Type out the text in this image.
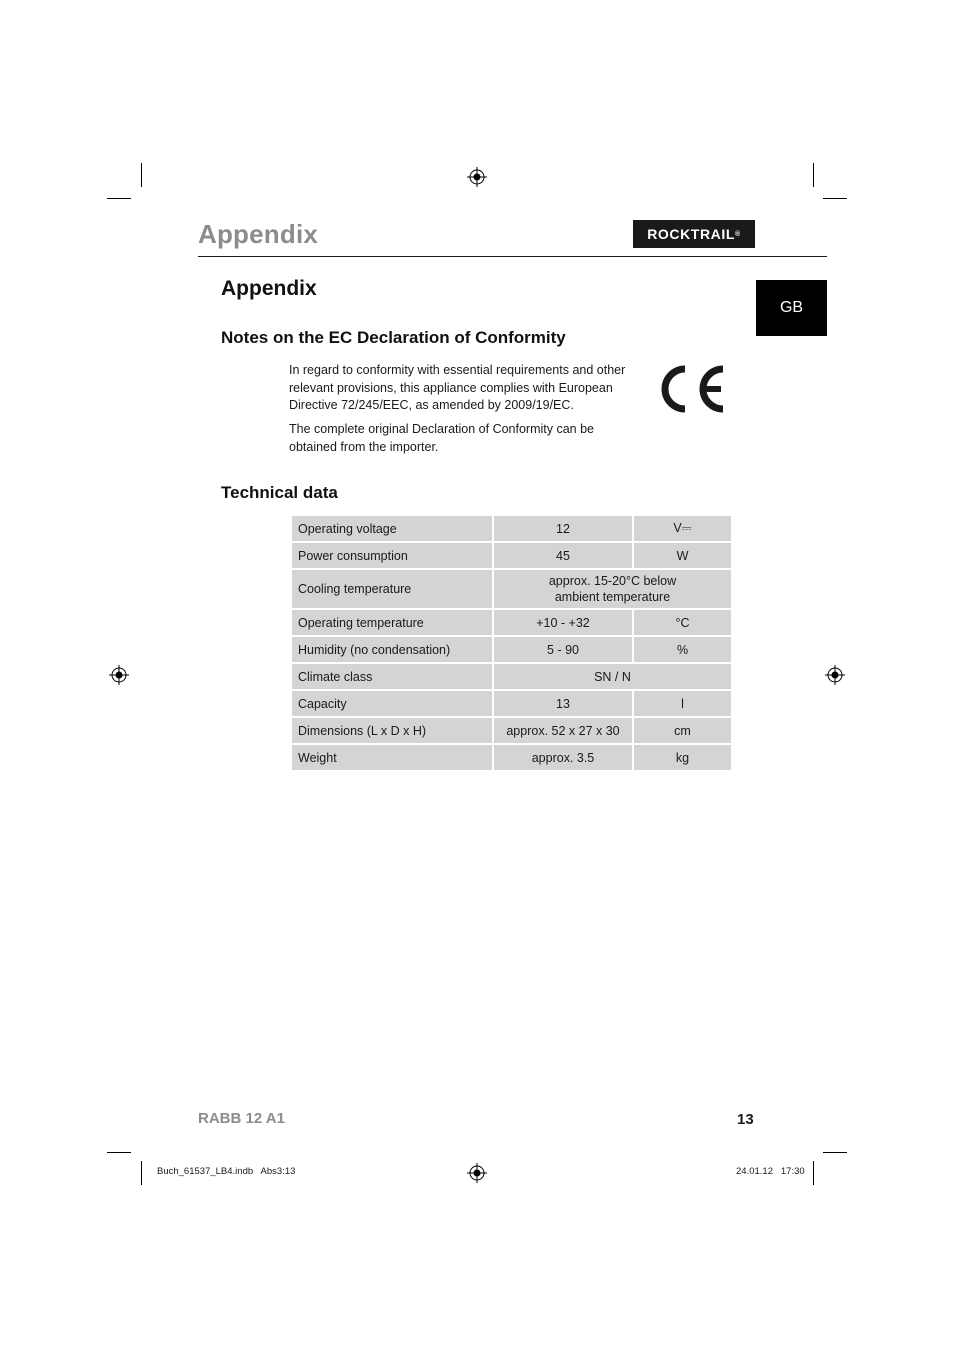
Appendix	ROCKTRAIL ®
GB
Appendix
Notes on the EC Declaration of Conformity
In regard to conformity with essential requirements and other relevant provisions, this appliance complies with European Directive 72/245/EEC, as amended by 2009/19/EC.
The complete original Declaration of Conformity can be obtained from the importer.
Technical data
Operating voltage	12	V⎓
Power consumption	45	W
Cooling temperature	approx. 15-20°C below
ambient temperature	

Operating temperature	+10 - +32	°C
Humidity (no condensation)	5 - 90	%
Climate class	SN / N	
Capacity	13	l
Dimensions (L x D x H)	approx. 52 x 27 x 30	cm
Weight	approx. 3.5	kg
RABB 12 A1	13
Buch_61537_LB4.indb   Abs3:13	24.01.12   17:30
